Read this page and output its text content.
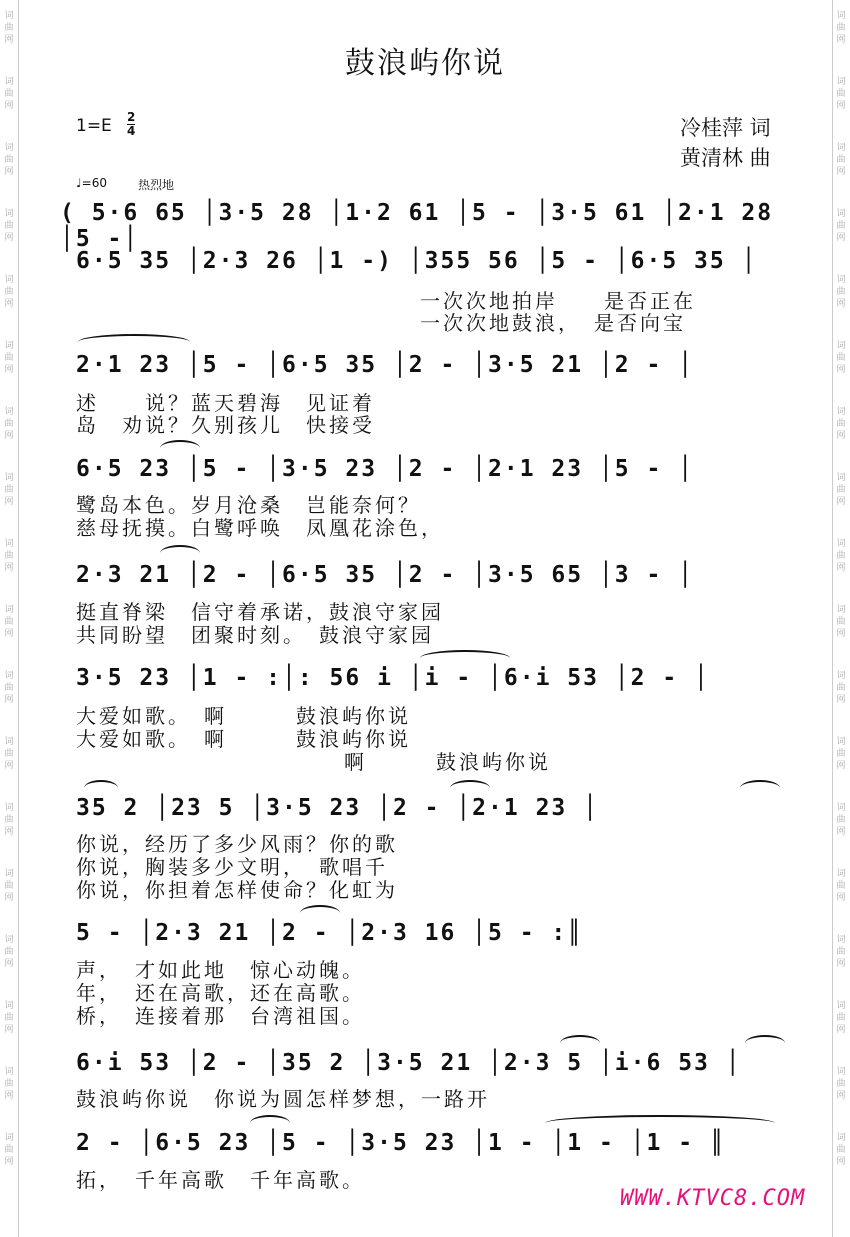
鼓浪屿你说
1=E 2
4	冷桂萍 词
黄清林 曲
♩=60	热烈地
( 5·6 65 │3·5 28 │1·2 61 │5 - │3·5 61 │2·1 28 │5 -│
6·5 35 │2·3 26 │1 -) │355 56 │5 - │6·5 35 │
一次次地拍岸　　是否正在
一次次地鼓浪，　是否向宝
2·1 23 │5 - │6·5 35 │2 - │3·5 21 │2 - │
述　　说？蓝天碧海　见证着
岛　劝说？久别孩儿　快接受
6·5 23 │5 - │3·5 23 │2 - │2·1 23 │5 - │
鹭岛本色。岁月沧桑　岂能奈何？
慈母抚摸。白鹭呼唤　凤凰花涂色，
2·3 21 │2 - │6·5 35 │2 - │3·5 65 │3 - │
挺直脊梁　信守着承诺，鼓浪守家园
共同盼望　团聚时刻。　鼓浪守家园
3·5 23 │1 - :│: 56 i │i - │6·i 53 │2 - │
大爱如歌。　啊　　　鼓浪屿你说
大爱如歌。　啊　　　鼓浪屿你说
啊　　　鼓浪屿你说
35 2 │23 5 │3·5 23 │2 - │2·1 23 │
你说，经历了多少风雨？你的歌
你说，胸装多少文明，　歌唱千
你说，你担着怎样使命？化虹为
5 - │2·3 21 │2 - │2·3 16 │5 - :║
声，　才如此地　惊心动魄。
年，　还在高歌，还在高歌。
桥，　连接着那　台湾祖国。
6·i 53 │2 - │35 2 │3·5 21 │2·3 5 │i·6 53 │
鼓浪屿你说　你说为圆怎样梦想，一路开
2 - │6·5 23 │5 - │3·5 23 │1 - │1 - │1 - ║
拓，　千年高歌　千年高歌。
WWW.KTVC8.COM
词曲网
词曲网
词曲网
词曲网
词曲网
词曲网
词曲网
词曲网
词曲网
词曲网
词曲网
词曲网
词曲网
词曲网
词曲网
词曲网
词曲网
词曲网
词曲网
词曲网
词曲网
词曲网
词曲网
词曲网
词曲网
词曲网
词曲网
词曲网
词曲网
词曲网
词曲网
词曲网
词曲网
词曲网
词曲网
词曲网
